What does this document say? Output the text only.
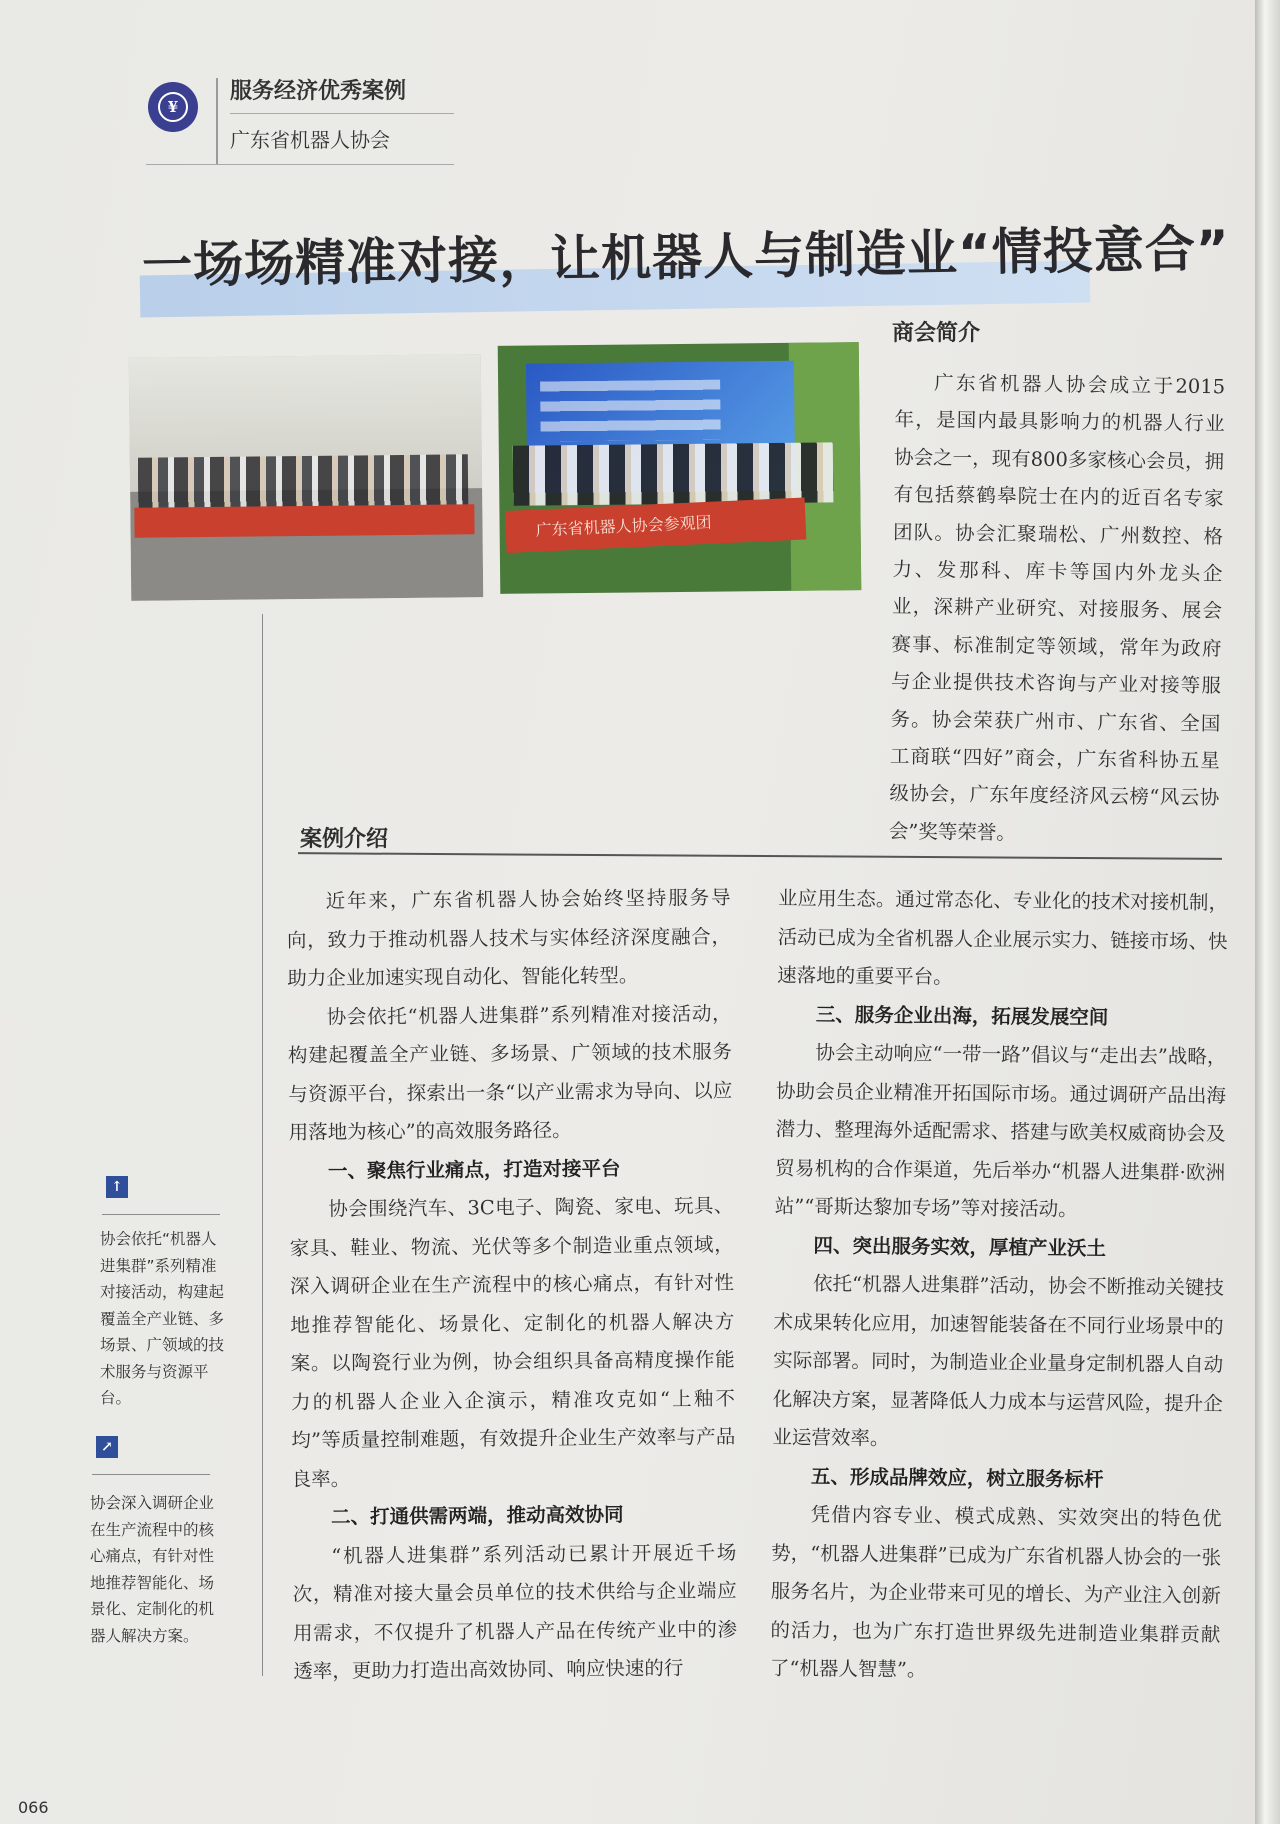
¥
服务经济优秀案例
广东省机器人协会
一场场精准对接，让机器人与制造业“情投意合”
广东省机器人协会参观团
商会简介
广东省机器人协会成立于2015年，是国内最具影响力的机器人行业协会之一，现有800多家核心会员，拥有包括蔡鹤皋院士在内的近百名专家团队。协会汇聚瑞松、广州数控、格力、发那科、库卡等国内外龙头企业，深耕产业研究、对接服务、展会赛事、标准制定等领域，常年为政府与企业提供技术咨询与产业对接等服务。协会荣获广州市、广东省、全国工商联“四好”商会，广东省科协五星级协会，广东年度经济风云榜“风云协会”奖等荣誉。
案例介绍

近年来，广东省机器人协会始终坚持服务导向，致力于推动机器人技术与实体经济深度融合，助力企业加速实现自动化、智能化转型。

协会依托“机器人进集群”系列精准对接活动，构建起覆盖全产业链、多场景、广领域的技术服务与资源平台，探索出一条“以产业需求为导向、以应用落地为核心”的高效服务路径。

一、聚焦行业痛点，打造对接平台

协会围绕汽车、3C电子、陶瓷、家电、玩具、家具、鞋业、物流、光伏等多个制造业重点领域，深入调研企业在生产流程中的核心痛点，有针对性地推荐智能化、场景化、定制化的机器人解决方案。以陶瓷行业为例，协会组织具备高精度操作能力的机器人企业入企演示，精准攻克如“上釉不均”等质量控制难题，有效提升企业生产效率与产品良率。

二、打通供需两端，推动高效协同

“机器人进集群”系列活动已累计开展近千场次，精准对接大量会员单位的技术供给与企业端应用需求，不仅提升了机器人产品在传统产业中的渗透率，更助力打造出高效协同、响应快速的行

业应用生态。通过常态化、专业化的技术对接机制，活动已成为全省机器人企业展示实力、链接市场、快速落地的重要平台。

三、服务企业出海，拓展发展空间

协会主动响应“一带一路”倡议与“走出去”战略，协助会员企业精准开拓国际市场。通过调研产品出海潜力、整理海外适配需求、搭建与欧美权威商协会及贸易机构的合作渠道，先后举办“机器人进集群·欧洲站”“哥斯达黎加专场”等对接活动。

四、突出服务实效，厚植产业沃土

依托“机器人进集群”活动，协会不断推动关键技术成果转化应用，加速智能装备在不同行业场景中的实际部署。同时，为制造业企业量身定制机器人自动化解决方案，显著降低人力成本与运营风险，提升企业运营效率。

五、形成品牌效应，树立服务标杆

凭借内容专业、模式成熟、实效突出的特色优势，“机器人进集群”已成为广东省机器人协会的一张服务名片，为企业带来可见的增长、为产业注入创新的活力，也为广东打造世界级先进制造业集群贡献了“机器人智慧”。

↑
协会依托“机器人进集群”系列精准对接活动，构建起覆盖全产业链、多场景、广领域的技术服务与资源平台。
↗
协会深入调研企业在生产流程中的核心痛点，有针对性地推荐智能化、场景化、定制化的机器人解决方案。
066
